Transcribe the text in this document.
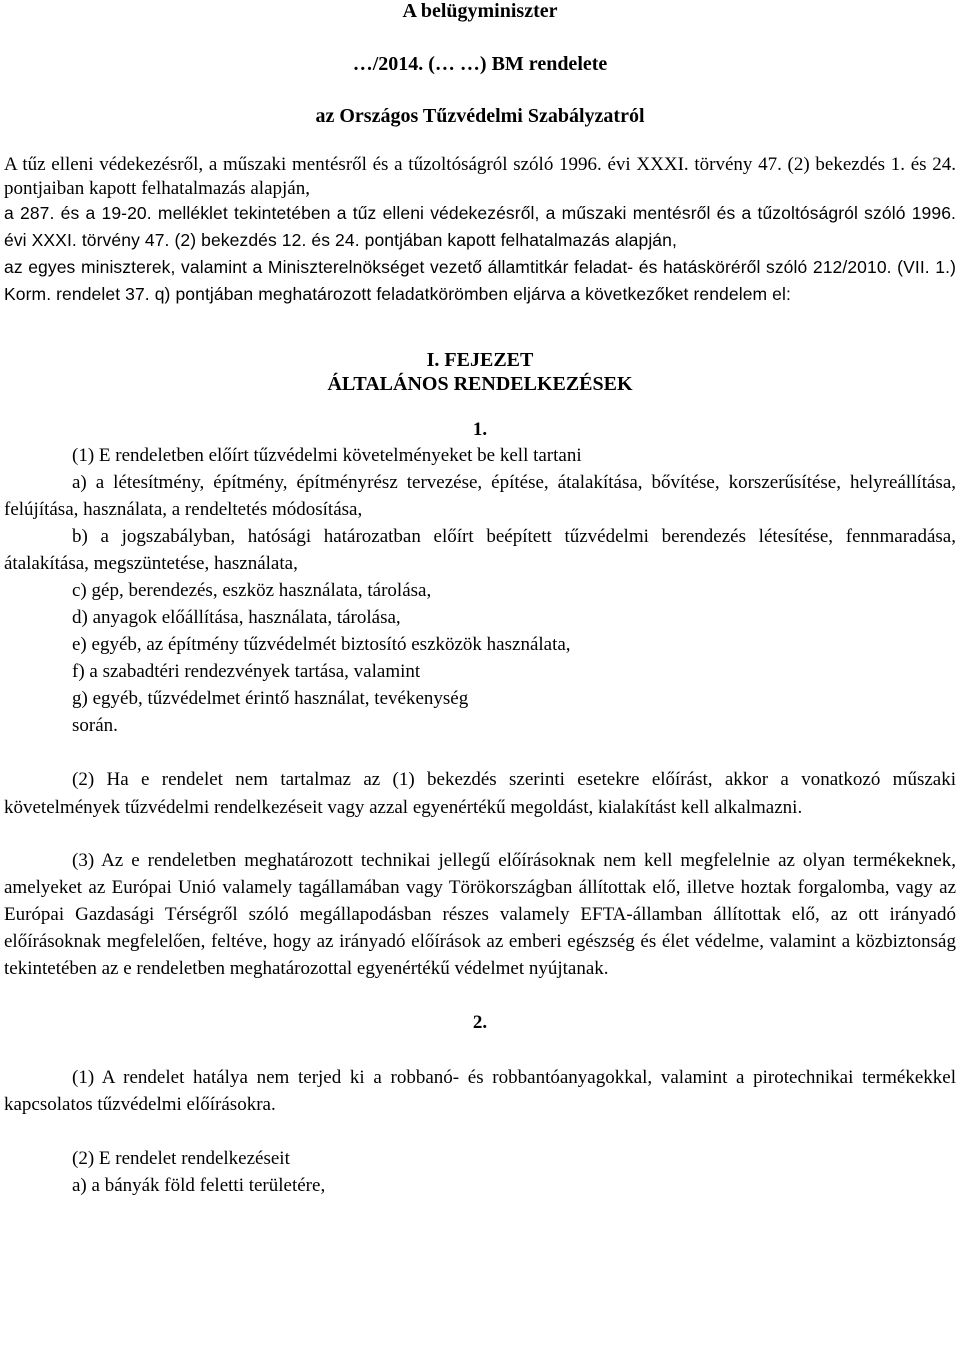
A belügyminiszter

…/2014. (… …) BM rendelete

az Országos Tűzvédelmi Szabályzatról

A tűz elleni védekezésről, a műszaki mentésről és a tűzoltóságról szóló 1996. évi XXXI. törvény 47. (2) bekezdés 1. és 24. pontjaiban kapott felhatalmazás alapján,

a 287. és a 19-20. melléklet tekintetében a tűz elleni védekezésről, a műszaki mentésről és a tűzoltóságról szóló 1996. évi XXXI. törvény 47. (2) bekezdés 12. és 24. pontjában kapott felhatalmazás alapján,

az egyes miniszterek, valamint a Miniszterelnökséget vezető államtitkár feladat- és hatásköréről szóló 212/2010. (VII. 1.) Korm. rendelet 37. q) pontjában meghatározott feladatkörömben eljárva a következőket rendelem el:

I. FEJEZET

ÁLTALÁNOS RENDELKEZÉSEK

1.

(1) E rendeletben előírt tűzvédelmi követelményeket be kell tartani

a) a létesítmény, építmény, építményrész tervezése, építése, átalakítása, bővítése, korszerűsítése, helyreállítása, felújítása, használata, a rendeltetés módosítása,

b) a jogszabályban, hatósági határozatban előírt beépített tűzvédelmi berendezés létesítése, fennmaradása, átalakítása, megszüntetése, használata,

c) gép, berendezés, eszköz használata, tárolása,

d) anyagok előállítása, használata, tárolása,

e) egyéb, az építmény tűzvédelmét biztosító eszközök használata,

f) a szabadtéri rendezvények tartása, valamint

g) egyéb, tűzvédelmet érintő használat, tevékenység

során.

(2) Ha e rendelet nem tartalmaz az (1) bekezdés szerinti esetekre előírást, akkor a vonatkozó műszaki követelmények tűzvédelmi rendelkezéseit vagy azzal egyenértékű megoldást, kialakítást kell alkalmazni.

(3) Az e rendeletben meghatározott technikai jellegű előírásoknak nem kell megfelelnie az olyan termékeknek, amelyeket az Európai Unió valamely tagállamában vagy Törökországban állítottak elő, illetve hoztak forgalomba, vagy az Európai Gazdasági Térségről szóló megállapodásban részes valamely EFTA-államban állítottak elő, az ott irányadó előírásoknak megfelelően, feltéve, hogy az irányadó előírások az emberi egészség és élet védelme, valamint a közbiztonság tekintetében az e rendeletben meghatározottal egyenértékű védelmet nyújtanak.

2.

(1) A rendelet hatálya nem terjed ki a robbanó- és robbantóanyagokkal, valamint a pirotechnikai termékekkel kapcsolatos tűzvédelmi előírásokra.

(2) E rendelet rendelkezéseit

a) a bányák föld feletti területére,
